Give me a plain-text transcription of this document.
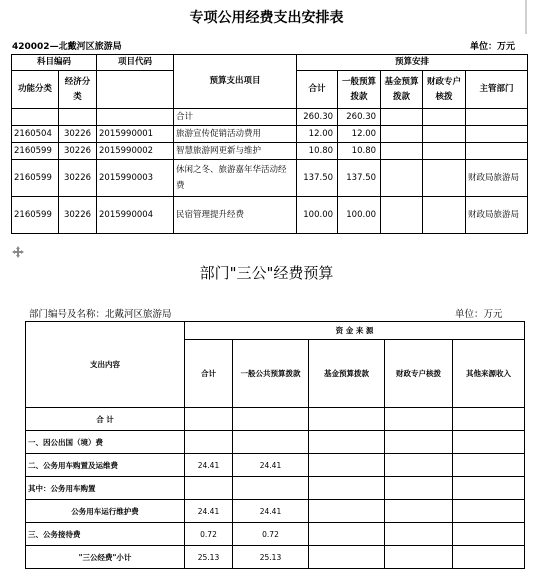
专项公用经费支出安排表
420002—北戴河区旅游局	单位：万元
科目编码		项目代码	预算支出项目	预算安排				
功能分类	经济分类			合计	一般预算拨款	基金预算拨款	财政专户核拨	主管部门
			合计	260.30	260.30			
2160504	30226	2015990001	旅游宣传促销活动费用	12.00	12.00			
2160599	30226	2015990002	智慧旅游网更新与维护	10.80	10.80			
2160599	30226	2015990003	休闲之冬、旅游嘉年华活动经费	137.50	137.50			财政局旅游局
2160599	30226	2015990004	民宿管理提升经费	100.00	100.00			财政局旅游局
部门"三公"经费预算
部门编号及名称：北戴河区旅游局	单位：万元
支出内容	资 金 来 源				
	合计	一般公共预算拨款	基金预算拨款	财政专户核拨	其他来源收入
合 计					
一、因公出国（境）费					
二、公务用车购置及运维费	24.41	24.41			
其中：公务用车购置					
公务用车运行维护费	24.41	24.41			
三、公务接待费	0.72	0.72			
"三公经费"小计	25.13	25.13			
